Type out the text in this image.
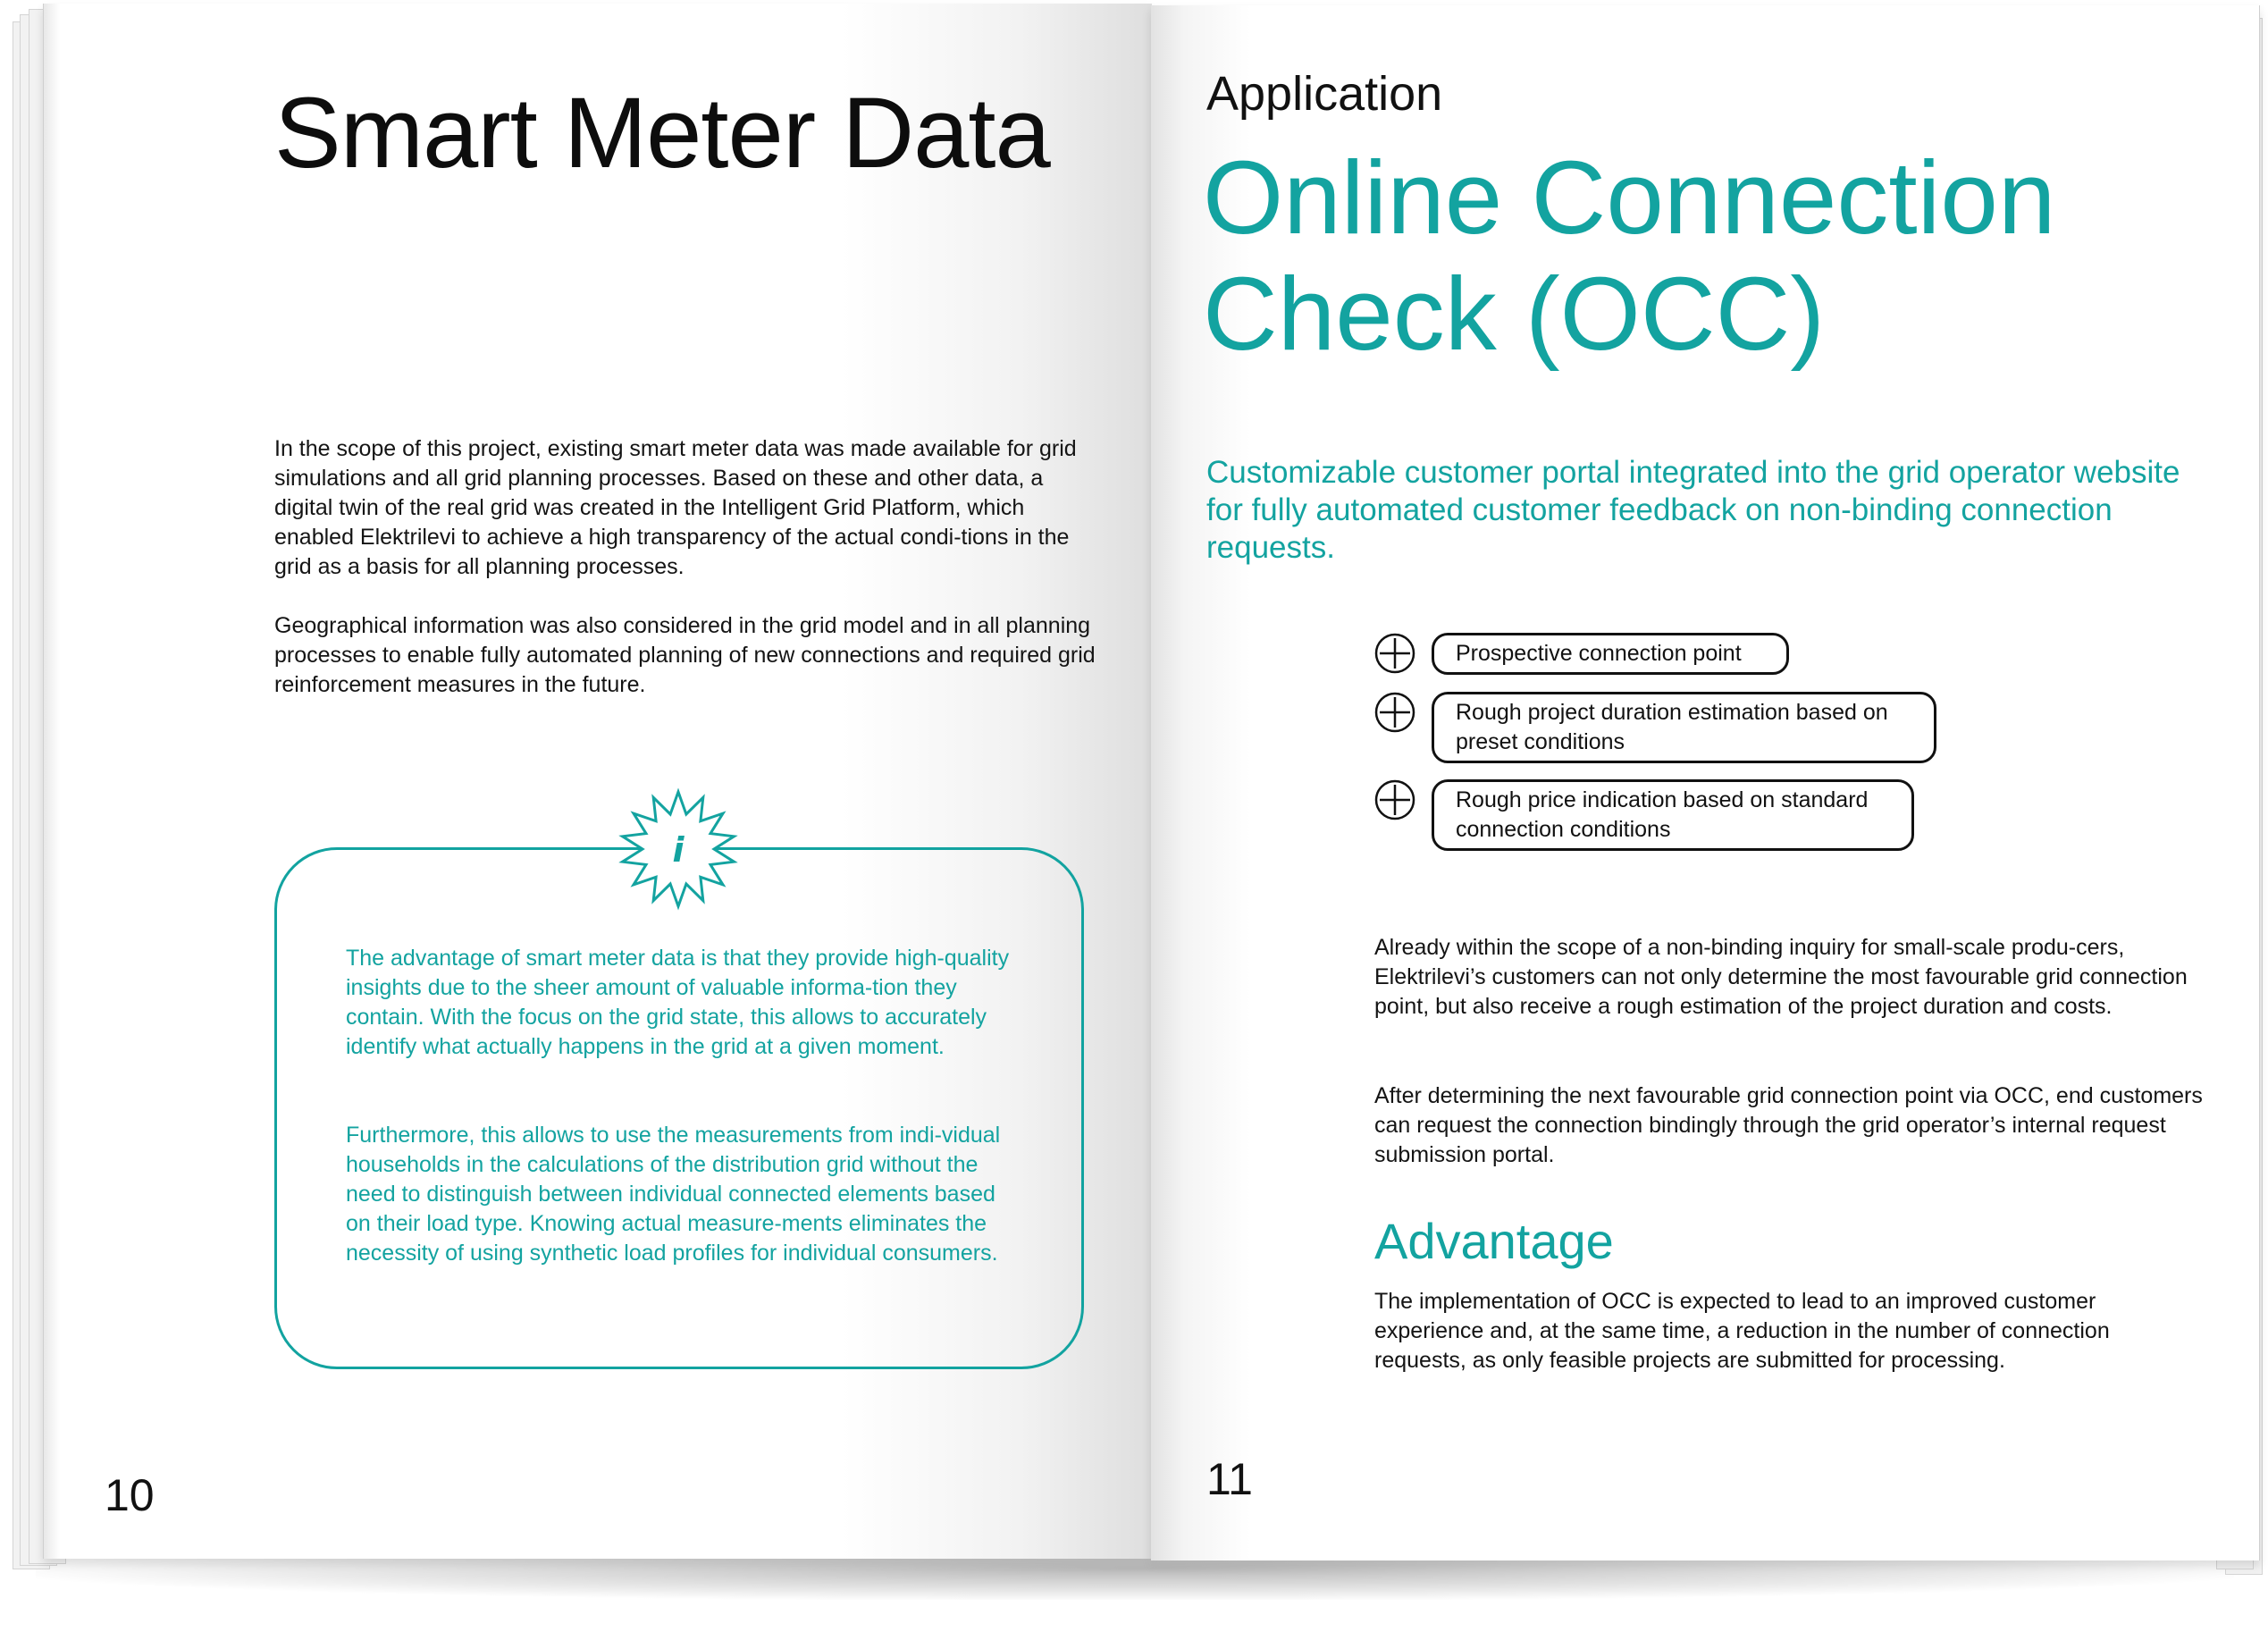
Smart Meter Data

In the scope of this project, existing smart meter data was made available for grid simulations and all grid planning processes. Based on these and other data, a digital twin of the real grid was created in the Intelligent Grid Platform, which enabled Elektrilevi to achieve a high transparency of the actual condi-tions in the grid as a basis for all planning processes.

Geographical information was also considered in the grid model and in all planning processes to enable fully automated planning of new connections and required grid reinforcement measures in the future.

i

The advantage of smart meter data is that they provide high-quality insights due to the sheer amount of valuable informa-tion they contain. With the focus on the grid state, this allows to accurately identify what actually happens in the grid at a given moment.

Furthermore, this allows to use the measurements from indi-vidual households in the calculations of the distribution grid without the need to distinguish between individual connected elements based on their load type. Knowing actual measure-ments eliminates the necessity of using synthetic load profiles for individual consumers.

10

Application

Online Connection Check (OCC)

Customizable customer portal integrated into the grid operator website for fully automated customer feedback on non-binding connection requests.

Prospective connection point
Rough project duration estimation based on preset conditions
Rough price indication based on standard connection conditions

Already within the scope of a non-binding inquiry for small-scale produ-cers, Elektrilevi’s customers can not only determine the most favourable grid connection point, but also receive a rough estimation of the project duration and costs.

After determining the next favourable grid connection point via OCC, end customers can request the connection bindingly through the grid operator’s internal request submission portal.

Advantage

The implementation of OCC is expected to lead to an improved customer experience and, at the same time, a reduction in the number of connection requests, as only feasible projects are submitted for processing.

11
